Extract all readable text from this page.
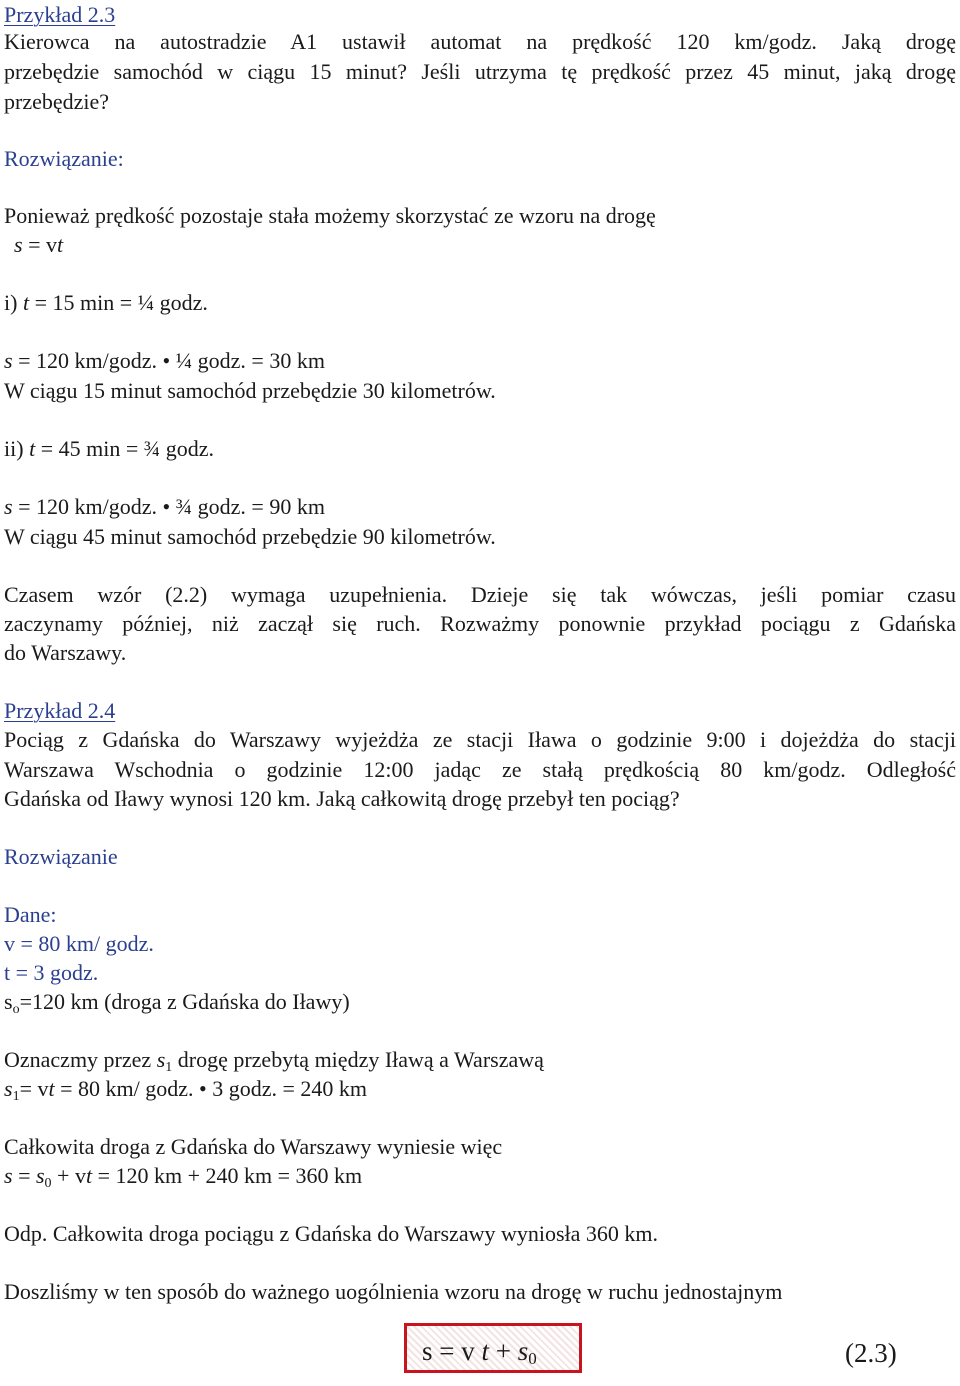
Przykład 2.3
Kierowca na autostradzie A1 ustawił automat na prędkość 120 km/godz. Jaką drogę
przebędzie samochód w ciągu 15 minut? Jeśli utrzyma tę prędkość przez 45 minut, jaką drogę
przebędzie?
Rozwiązanie:
Ponieważ prędkość pozostaje stała możemy skorzystać ze wzoru na drogę
s = vt
i) t = 15 min = ¼ godz.
s = 120 km/godz. • ¼ godz. = 30 km
W ciągu 15 minut samochód przebędzie 30 kilometrów.
ii) t = 45 min = ¾ godz.
s = 120 km/godz. • ¾ godz. = 90 km
W ciągu 45 minut samochód przebędzie 90 kilometrów.
Czasem wzór (2.2) wymaga uzupełnienia. Dzieje się tak wówczas, jeśli pomiar czasu
zaczynamy później, niż zaczął się ruch. Rozważmy ponownie przykład pociągu z Gdańska
do Warszawy.
Przykład 2.4
Pociąg z Gdańska do Warszawy wyjeżdża ze stacji Iława o godzinie 9:00 i dojeżdża do stacji
Warszawa Wschodnia o godzinie 12:00 jadąc ze stałą prędkością 80 km/godz. Odległość
Gdańska od Iławy wynosi 120 km. Jaką całkowitą drogę przebył ten pociąg?
Rozwiązanie
Dane:
v = 80 km/ godz.
t = 3 godz.
$s_o=120$ km (droga z Gdańska do Iławy)
Oznaczmy przez $s_1$ drogę przebytą między Iławą a Warszawą
$s_1=$ vt = 80 km/ godz. • 3 godz. = 240 km
Całkowita droga z Gdańska do Warszawy wyniesie więc
$s = s_0$ + vt = 120 km + 240 km = 360 km
Odp. Całkowita droga pociągu z Gdańska do Warszawy wyniosła 360 km.
Doszliśmy w ten sposób do ważnego uogólnienia wzoru na drogę w ruchu jednostajnym
s = v $t + s_0$	(2.3)
